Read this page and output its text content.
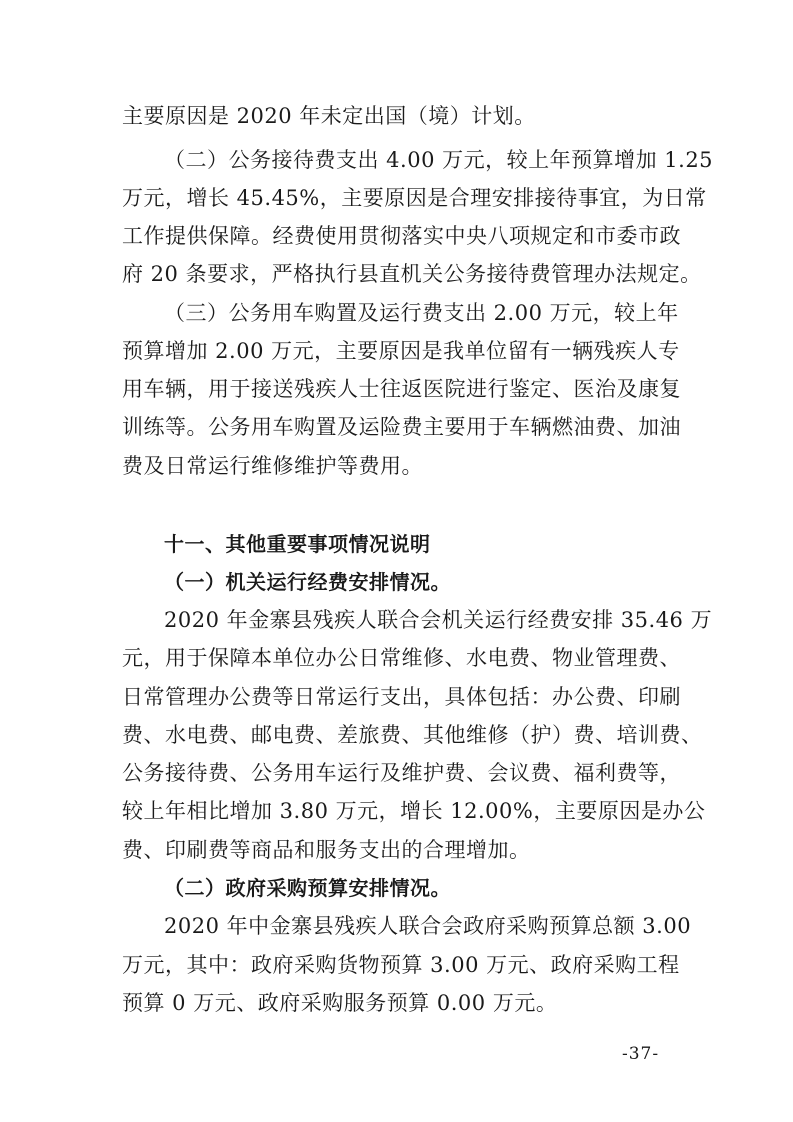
主要原因是 2020 年未定出国（境）计划。
（二）公务接待费支出 4.00 万元，较上年预算增加 1.25
万元，增长 45.45%，主要原因是合理安排接待事宜，为日常
工作提供保障。经费使用贯彻落实中央八项规定和市委市政
府 20 条要求，严格执行县直机关公务接待费管理办法规定。
（三）公务用车购置及运行费支出 2.00 万元，较上年
预算增加 2.00 万元，主要原因是我单位留有一辆残疾人专
用车辆，用于接送残疾人士往返医院进行鉴定、医治及康复
训练等。公务用车购置及运险费主要用于车辆燃油费、加油
费及日常运行维修维护等费用。
十一、其他重要事项情况说明
（一）机关运行经费安排情况。
2020 年金寨县残疾人联合会机关运行经费安排 35.46 万
元，用于保障本单位办公日常维修、水电费、物业管理费、
日常管理办公费等日常运行支出，具体包括：办公费、印刷
费、水电费、邮电费、差旅费、其他维修（护）费、培训费、
公务接待费、公务用车运行及维护费、会议费、福利费等，
较上年相比增加 3.80 万元，增长 12.00%，主要原因是办公
费、印刷费等商品和服务支出的合理增加。
（二）政府采购预算安排情况。
2020 年中金寨县残疾人联合会政府采购预算总额 3.00
万元，其中：政府采购货物预算 3.00 万元、政府采购工程
预算 0 万元、政府采购服务预算 0.00 万元。
-37-
